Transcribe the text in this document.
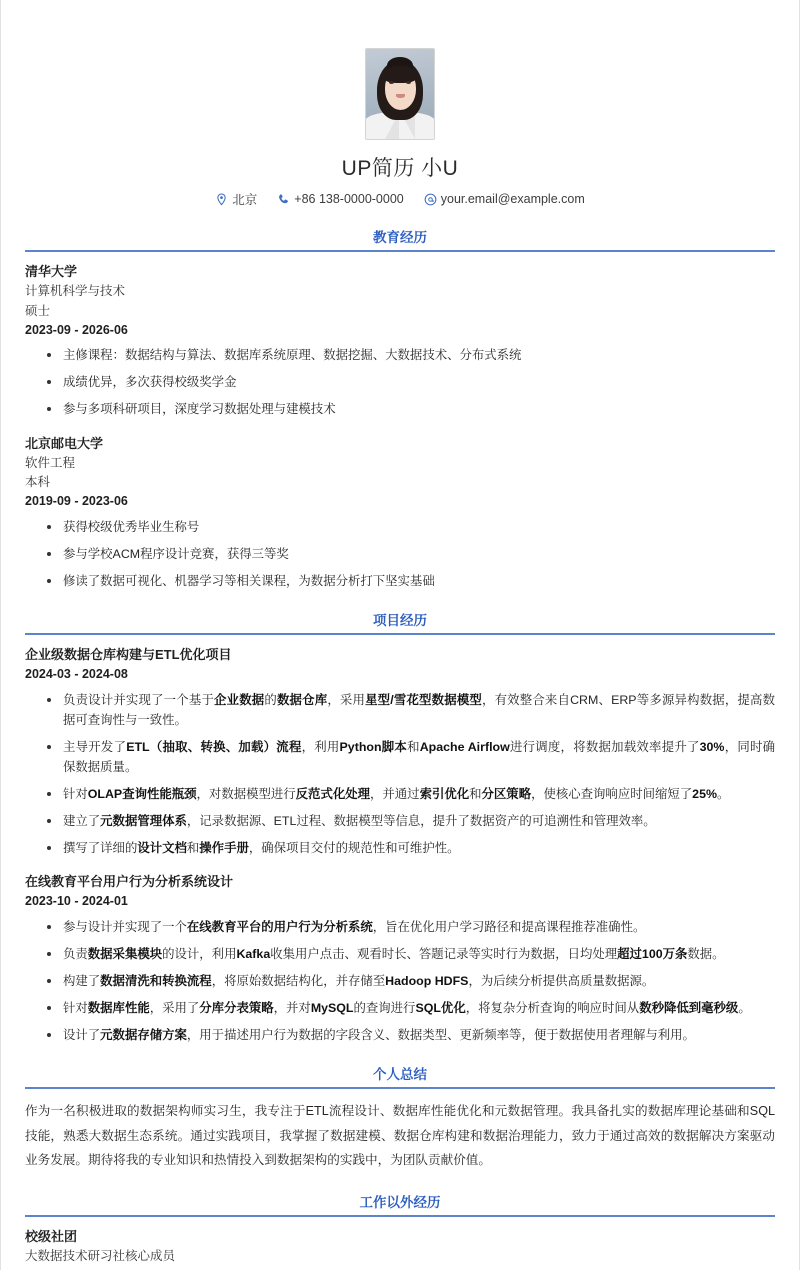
UP简历 小U
北京	+86 138-0000-0000	your.email@example.com
教育经历
清华大学
计算机科学与技术
硕士
2023-09 - 2026-06
主修课程：数据结构与算法、数据库系统原理、数据挖掘、大数据技术、分布式系统
成绩优异，多次获得校级奖学金
参与多项科研项目，深度学习数据处理与建模技术
北京邮电大学
软件工程
本科
2019-09 - 2023-06
获得校级优秀毕业生称号
参与学校ACM程序设计竞赛，获得三等奖
修读了数据可视化、机器学习等相关课程，为数据分析打下坚实基础
项目经历
企业级数据仓库构建与ETL优化项目
2024-03 - 2024-08
负责设计并实现了一个基于企业数据的数据仓库，采用星型/雪花型数据模型，有效整合来自CRM、ERP等多源异构数据，提高数据可查询性与一致性。
主导开发了ETL（抽取、转换、加载）流程，利用Python脚本和Apache Airflow进行调度，将数据加载效率提升了30%，同时确保数据质量。
针对OLAP查询性能瓶颈，对数据模型进行反范式化处理，并通过索引优化和分区策略，使核心查询响应时间缩短了25%。
建立了元数据管理体系，记录数据源、ETL过程、数据模型等信息，提升了数据资产的可追溯性和管理效率。
撰写了详细的设计文档和操作手册，确保项目交付的规范性和可维护性。
在线教育平台用户行为分析系统设计
2023-10 - 2024-01
参与设计并实现了一个在线教育平台的用户行为分析系统，旨在优化用户学习路径和提高课程推荐准确性。
负责数据采集模块的设计，利用Kafka收集用户点击、观看时长、答题记录等实时行为数据，日均处理超过100万条数据。
构建了数据清洗和转换流程，将原始数据结构化，并存储至Hadoop HDFS，为后续分析提供高质量数据源。
针对数据库性能，采用了分库分表策略，并对MySQL的查询进行SQL优化，将复杂分析查询的响应时间从数秒降低到毫秒级。
设计了元数据存储方案，用于描述用户行为数据的字段含义、数据类型、更新频率等，便于数据使用者理解与利用。
个人总结
作为一名积极进取的数据架构师实习生，我专注于ETL流程设计、数据库性能优化和元数据管理。我具备扎实的数据库理论基础和SQL技能，熟悉大数据生态系统。通过实践项目，我掌握了数据建模、数据仓库构建和数据治理能力，致力于通过高效的数据解决方案驱动业务发展。期待将我的专业知识和热情投入到数据架构的实践中，为团队贡献价值。
工作以外经历
校级社团
大数据技术研习社核心成员
